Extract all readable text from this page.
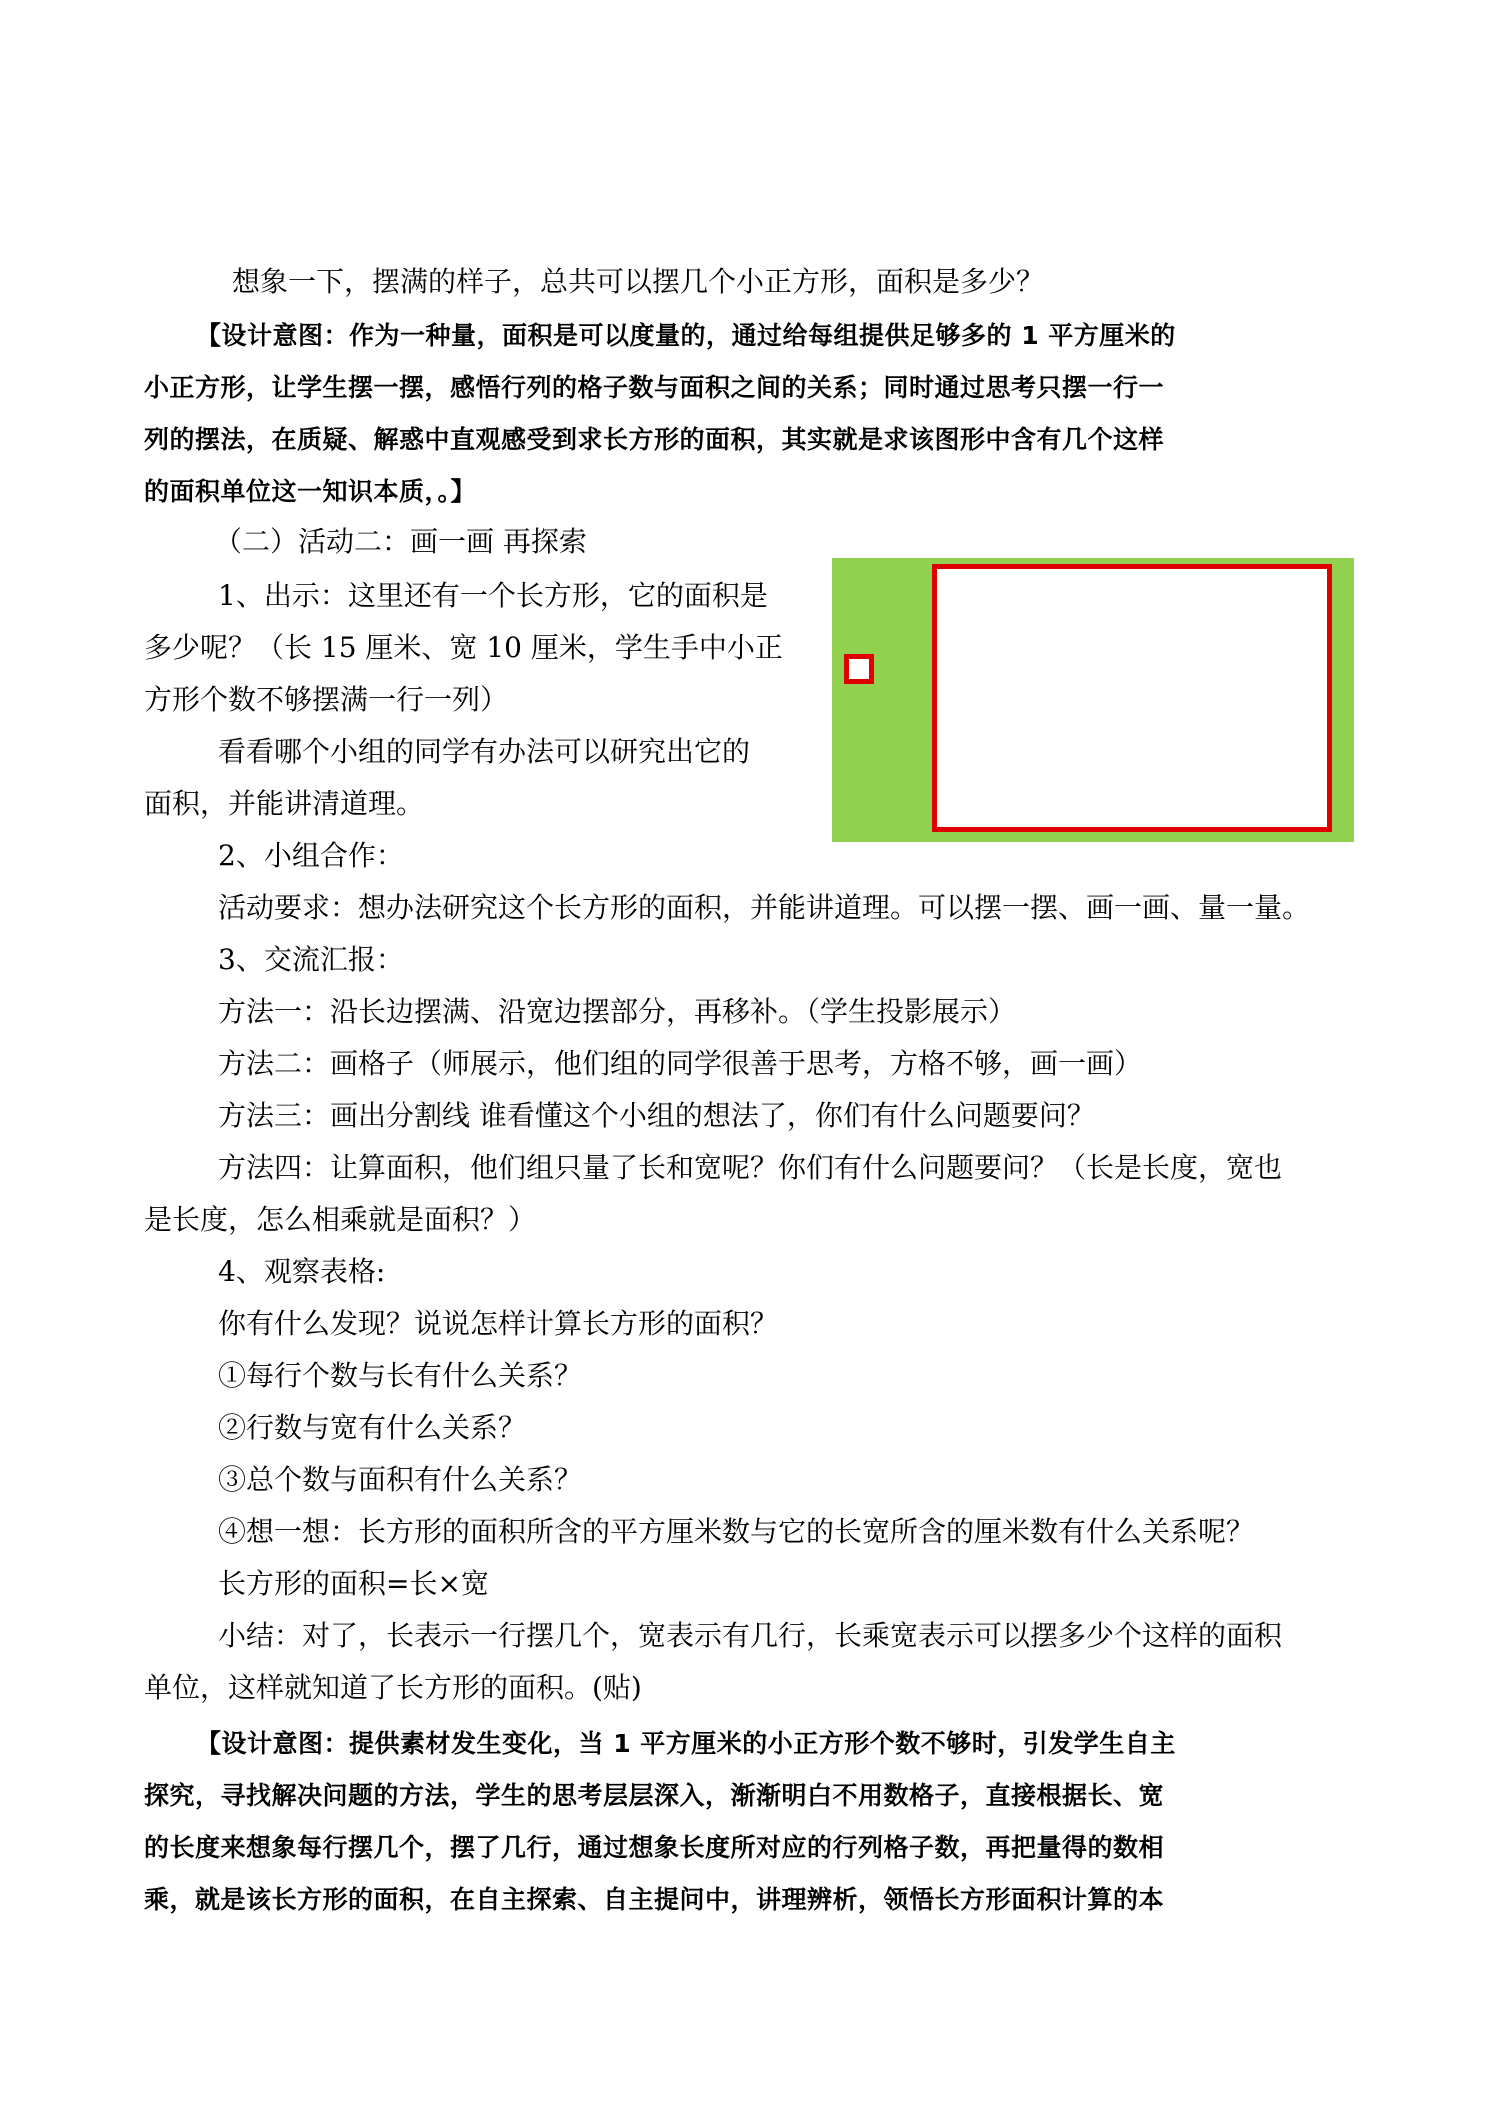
想象一下，摆满的样子，总共可以摆几个小正方形，面积是多少？
【设计意图：作为一种量，面积是可以度量的，通过给每组提供足够多的 1 平方厘米的
小正方形，让学生摆一摆，感悟行列的格子数与面积之间的关系；同时通过思考只摆一行一
列的摆法，在质疑、解惑中直观感受到求长方形的面积，其实就是求该图形中含有几个这样
的面积单位这一知识本质，。】
（二）活动二：画一画 再探索
1、出示：这里还有一个长方形，它的面积是
多少呢？（长 15 厘米、宽 10 厘米，学生手中小正
方形个数不够摆满一行一列）
看看哪个小组的同学有办法可以研究出它的
面积，并能讲清道理。
2、小组合作：
活动要求：想办法研究这个长方形的面积，并能讲道理。可以摆一摆、画一画、量一量。
3、交流汇报：
方法一：沿长边摆满、沿宽边摆部分，再移补。（学生投影展示）
方法二：画格子（师展示，他们组的同学很善于思考，方格不够，画一画）
方法三：画出分割线 谁看懂这个小组的想法了，你们有什么问题要问？
方法四：让算面积，他们组只量了长和宽呢？你们有什么问题要问？（长是长度，宽也
是长度，怎么相乘就是面积？）
4、观察表格:
你有什么发现？说说怎样计算长方形的面积？
①每行个数与长有什么关系？
②行数与宽有什么关系？
③总个数与面积有什么关系？
④想一想：长方形的面积所含的平方厘米数与它的长宽所含的厘米数有什么关系呢？
长方形的面积=长×宽
小结：对了，长表示一行摆几个，宽表示有几行，长乘宽表示可以摆多少个这样的面积
单位，这样就知道了长方形的面积。(贴)
【设计意图：提供素材发生变化，当 1 平方厘米的小正方形个数不够时，引发学生自主
探究，寻找解决问题的方法，学生的思考层层深入，渐渐明白不用数格子，直接根据长、宽
的长度来想象每行摆几个，摆了几行，通过想象长度所对应的行列格子数，再把量得的数相
乘，就是该长方形的面积，在自主探索、自主提问中，讲理辨析，领悟长方形面积计算的本
